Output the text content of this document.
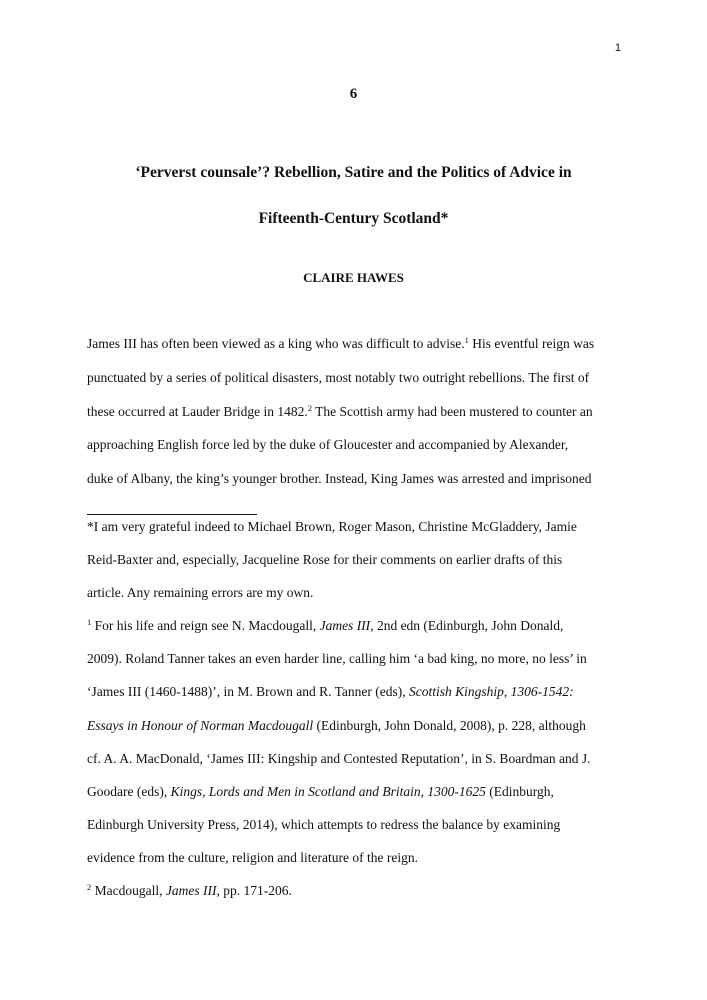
1
6
‘Perverst counsale’? Rebellion, Satire and the Politics of Advice in
Fifteenth-Century Scotland*
CLAIRE HAWES
James III has often been viewed as a king who was difficult to advise.$^1$ His eventful reign was
punctuated by a series of political disasters, most notably two outright rebellions. The first of
these occurred at Lauder Bridge in 1482.$^2$ The Scottish army had been mustered to counter an
approaching English force led by the duke of Gloucester and accompanied by Alexander,
duke of Albany, the king’s younger brother. Instead, King James was arrested and imprisoned
*I am very grateful indeed to Michael Brown, Roger Mason, Christine McGladdery, Jamie
Reid-Baxter and, especially, Jacqueline Rose for their comments on earlier drafts of this
article. Any remaining errors are my own.
$^1$ For his life and reign see N. Macdougall, James III, 2nd edn (Edinburgh, John Donald,
2009). Roland Tanner takes an even harder line, calling him ‘a bad king, no more, no less’ in
‘James III (1460-1488)’, in M. Brown and R. Tanner (eds), Scottish Kingship, 1306-1542:
Essays in Honour of Norman Macdougall (Edinburgh, John Donald, 2008), p. 228, although
cf. A. A. MacDonald, ‘James III: Kingship and Contested Reputation’, in S. Boardman and J.
Goodare (eds), Kings, Lords and Men in Scotland and Britain, 1300-1625 (Edinburgh,
Edinburgh University Press, 2014), which attempts to redress the balance by examining
evidence from the culture, religion and literature of the reign.
$^2$ Macdougall, James III, pp. 171-206.
